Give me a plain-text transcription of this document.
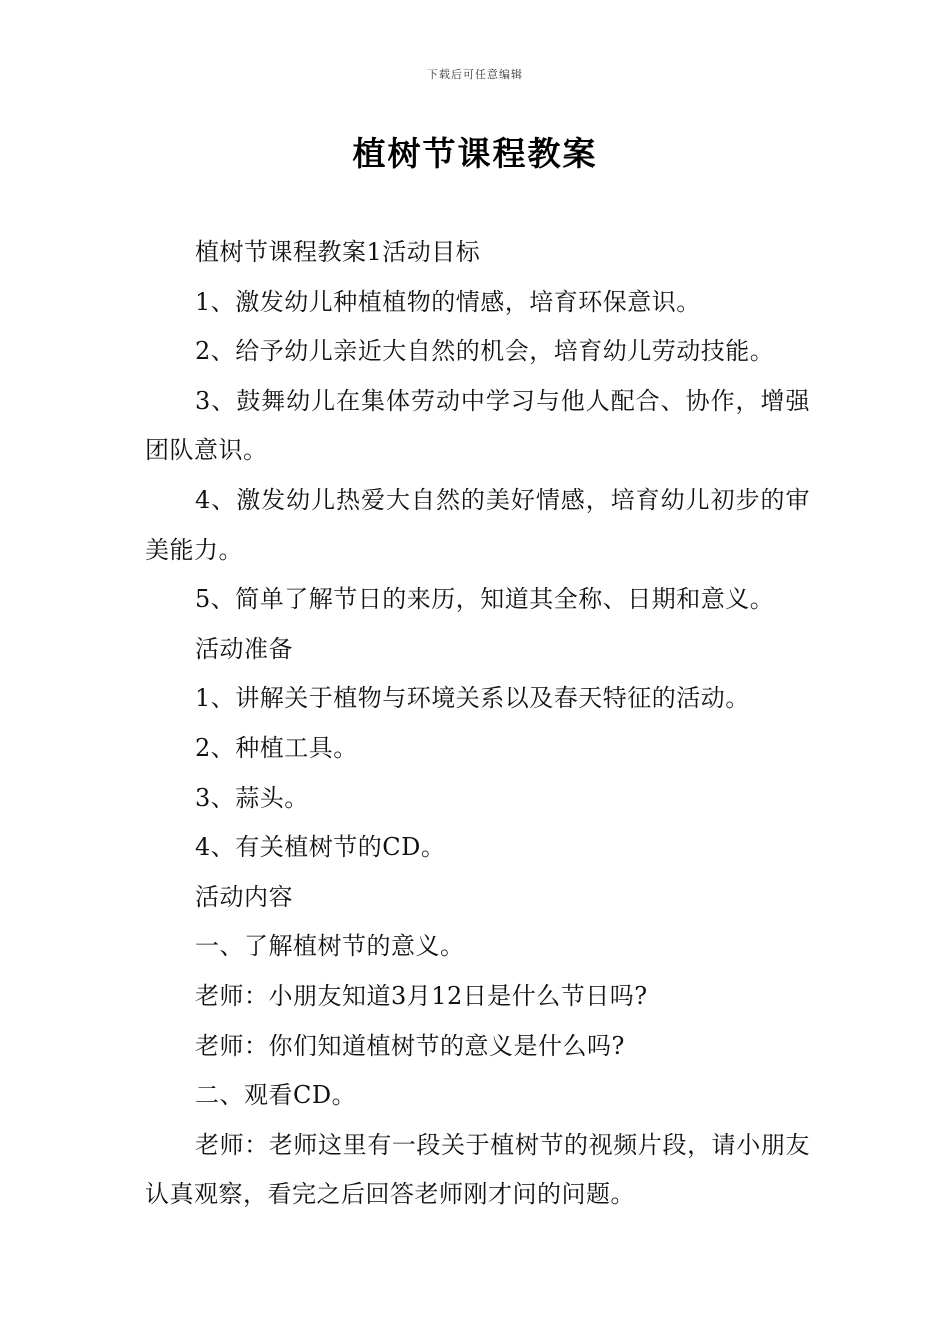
下载后可任意编辑
植树节课程教案

植树节课程教案1活动目标

1、激发幼儿种植植物的情感，培育环保意识。

2、给予幼儿亲近大自然的机会，培育幼儿劳动技能。

3、鼓舞幼儿在集体劳动中学习与他人配合、协作，增强团队意识。

4、激发幼儿热爱大自然的美好情感，培育幼儿初步的审美能力。

5、简单了解节日的来历，知道其全称、日期和意义。

活动准备

1、讲解关于植物与环境关系以及春天特征的活动。

2、种植工具。

3、蒜头。

4、有关植树节的CD。

活动内容

一、了解植树节的意义。

老师：小朋友知道3月12日是什么节日吗?

老师：你们知道植树节的意义是什么吗?

二、观看CD。

老师：老师这里有一段关于植树节的视频片段，请小朋友认真观察，看完之后回答老师刚才问的问题。
